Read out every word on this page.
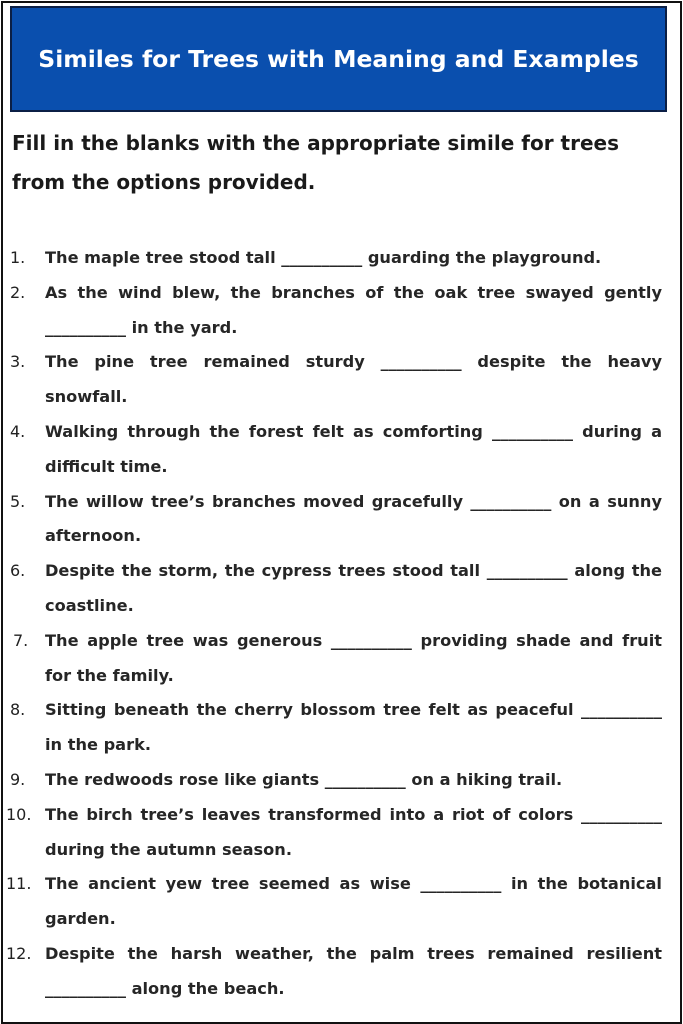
Similes for Trees with Meaning and Examples

Fill in the blanks with the appropriate simile for trees from the options provided.

1.	The maple tree stood tall __________ guarding the playground.
2.	As the wind blew, the branches of the oak tree swayed gently __________ in the yard.
3.	The pine tree remained sturdy __________ despite the heavy snowfall.
4.	Walking through the forest felt as comforting __________ during a difficult time.
5.	The willow tree’s branches moved gracefully __________ on a sunny afternoon.
6.	Despite the storm, the cypress trees stood tall __________ along the coastline.
7.	The apple tree was generous __________ providing shade and fruit for the family.
8.	Sitting beneath the cherry blossom tree felt as peaceful __________ in the park.
9.	The redwoods rose like giants __________ on a hiking trail.
10. The birch tree’s leaves transformed into a riot of colors __________ during the autumn season.
11. The ancient yew tree seemed as wise __________ in the botanical garden.
12. Despite the harsh weather, the palm trees remained resilient __________ along the beach.
